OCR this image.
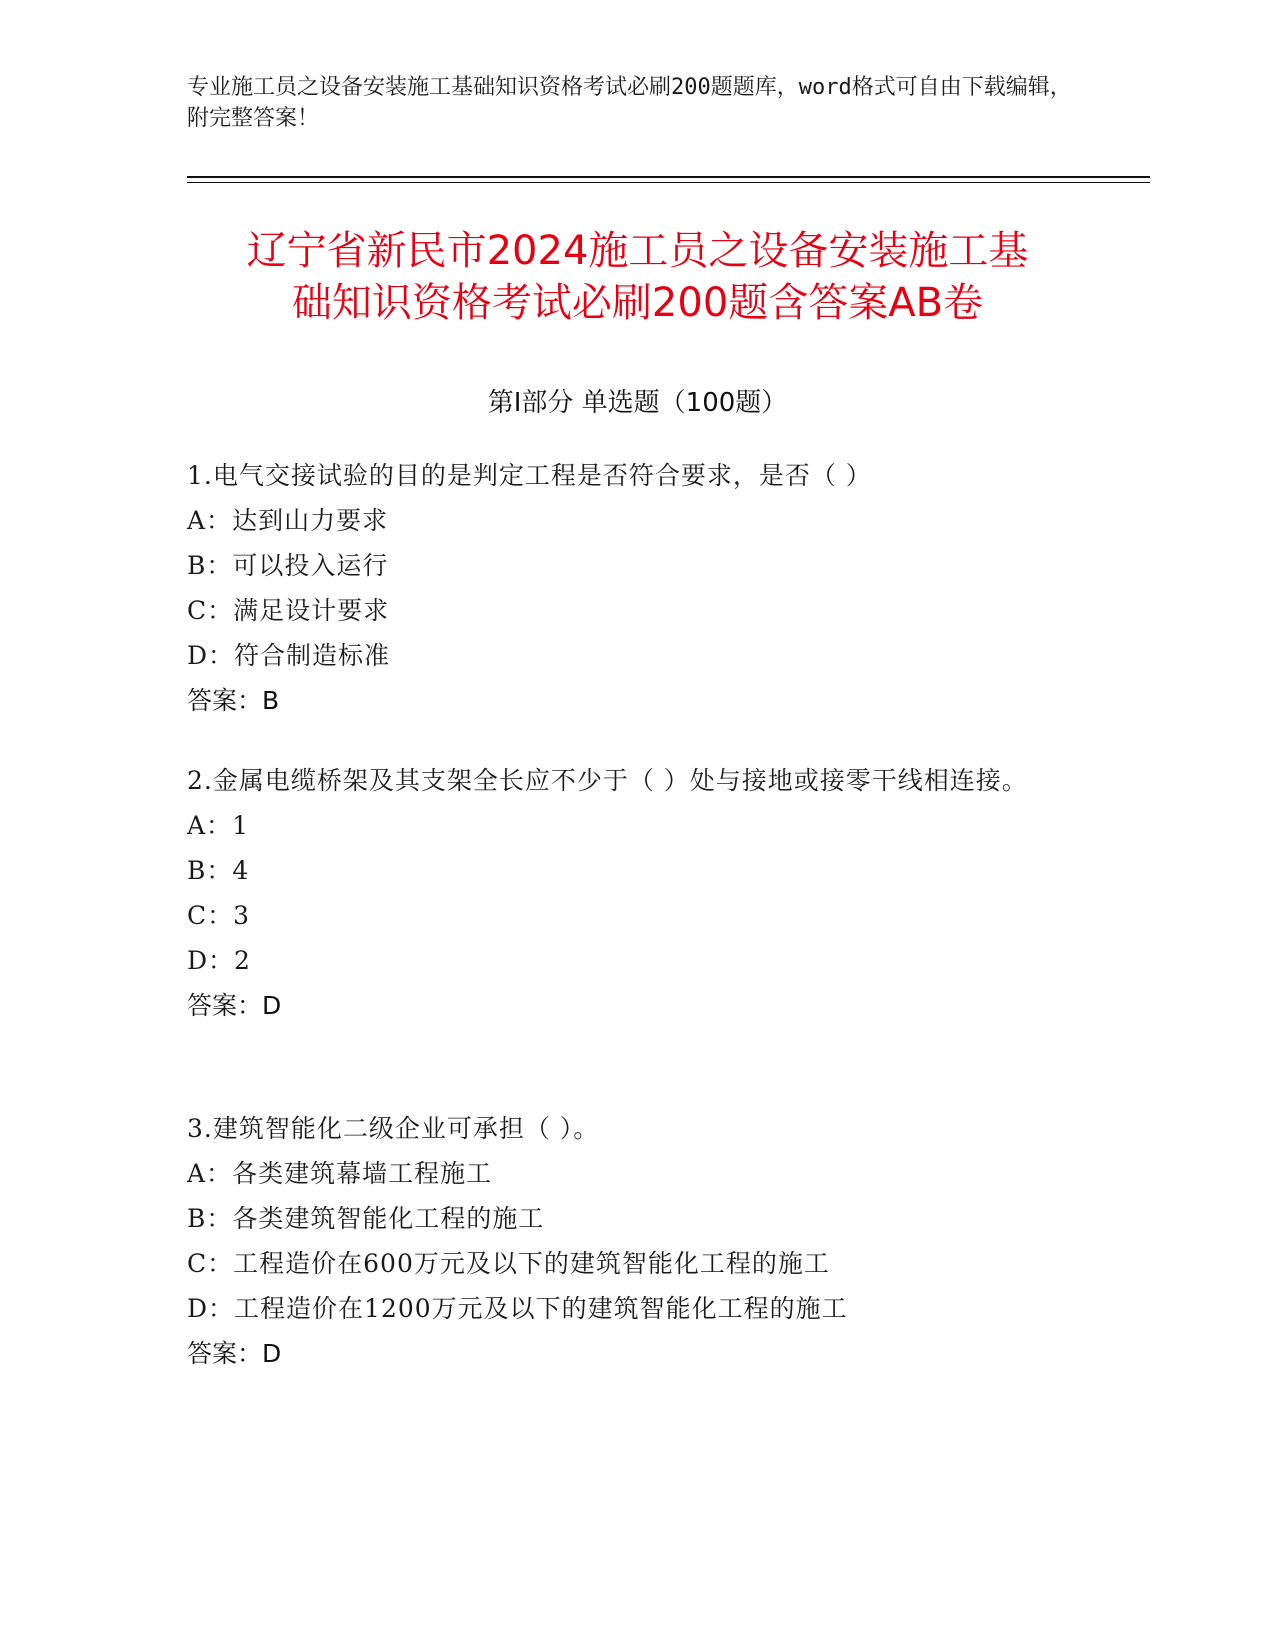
专业施工员之设备安装施工基础知识资格考试必刷200题题库，word格式可自由下载编辑，附完整答案！
辽宁省新民市2024施工员之设备安装施工基
础知识资格考试必刷200题含答案AB卷
第Ⅰ部分 单选题（100题）
1.电气交接试验的目的是判定工程是否符合要求，是否（ ）
A：达到山力要求
B：可以投入运行
C：满足设计要求
D：符合制造标准
答案：B
2.金属电缆桥架及其支架全长应不少于（ ）处与接地或接零干线相连接。
A：1
B：4
C：3
D：2
答案：D
3.建筑智能化二级企业可承担（ ）。
A：各类建筑幕墙工程施工
B：各类建筑智能化工程的施工
C：工程造价在600万元及以下的建筑智能化工程的施工
D：工程造价在1200万元及以下的建筑智能化工程的施工
答案：D
